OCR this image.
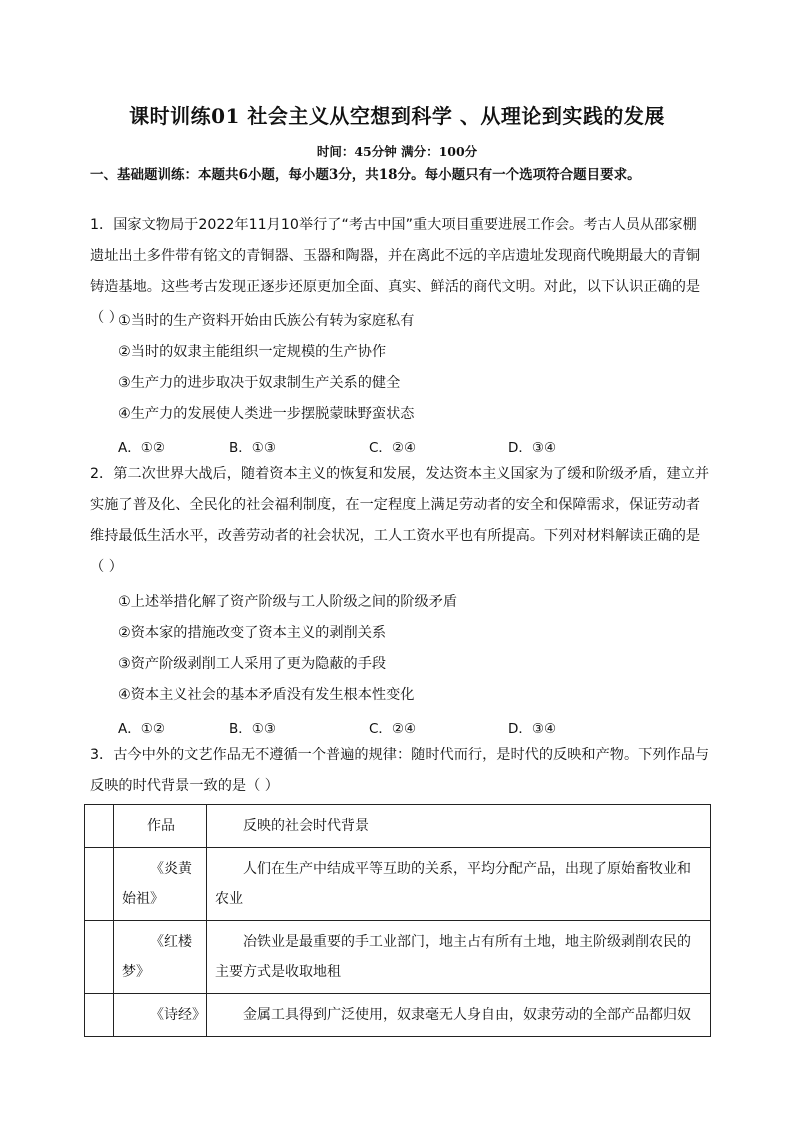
课时训练01 社会主义从空想到科学 、从理论到实践的发展
时间：45分钟 满分：100分
一、基础题训练：本题共6小题，每小题3分，共18分。每小题只有一个选项符合题目要求。
1．国家文物局于2022年11月10举行了“考古中国”重大项目重要进展工作会。考古人员从邵家棚遗址出土多件带有铭文的青铜器、玉器和陶器，并在离此不远的辛店遗址发现商代晚期最大的青铜铸造基地。这些考古发现正逐步还原更加全面、真实、鲜活的商代文明。对此，以下认识正确的是（ ）
①当时的生产资料开始由氏族公有转为家庭私有
②当时的奴隶主能组织一定规模的生产协作
③生产力的进步取决于奴隶制生产关系的健全
④生产力的发展使人类进一步摆脱蒙昧野蛮状态
A．①②	B．①③	C．②④	D．③④
2．第二次世界大战后，随着资本主义的恢复和发展，发达资本主义国家为了缓和阶级矛盾，建立并实施了普及化、全民化的社会福利制度，在一定程度上满足劳动者的安全和保障需求，保证劳动者维持最低生活水平，改善劳动者的社会状况，工人工资水平也有所提高。下列对材料解读正确的是（ ）
①上述举措化解了资产阶级与工人阶级之间的阶级矛盾
②资本家的措施改变了资本主义的剥削关系
③资产阶级剥削工人采用了更为隐蔽的手段
④资本主义社会的基本矛盾没有发生根本性变化
A．①②	B．①③	C．②④	D．③④
3．古今中外的文艺作品无不遵循一个普遍的规律：随时代而行，是时代的反映和产物。下列作品与反映的时代背景一致的是（ ）
	作品	反映的社会时代背景
	《炎黄始祖》	人们在生产中结成平等互助的关系，平均分配产品，出现了原始畜牧业和农业
	《红楼梦》	冶铁业是最重要的手工业部门，地主占有所有土地，地主阶级剥削农民的主要方式是收取地租
	《诗经》	金属工具得到广泛使用，奴隶毫无人身自由，奴隶劳动的全部产品都归奴
